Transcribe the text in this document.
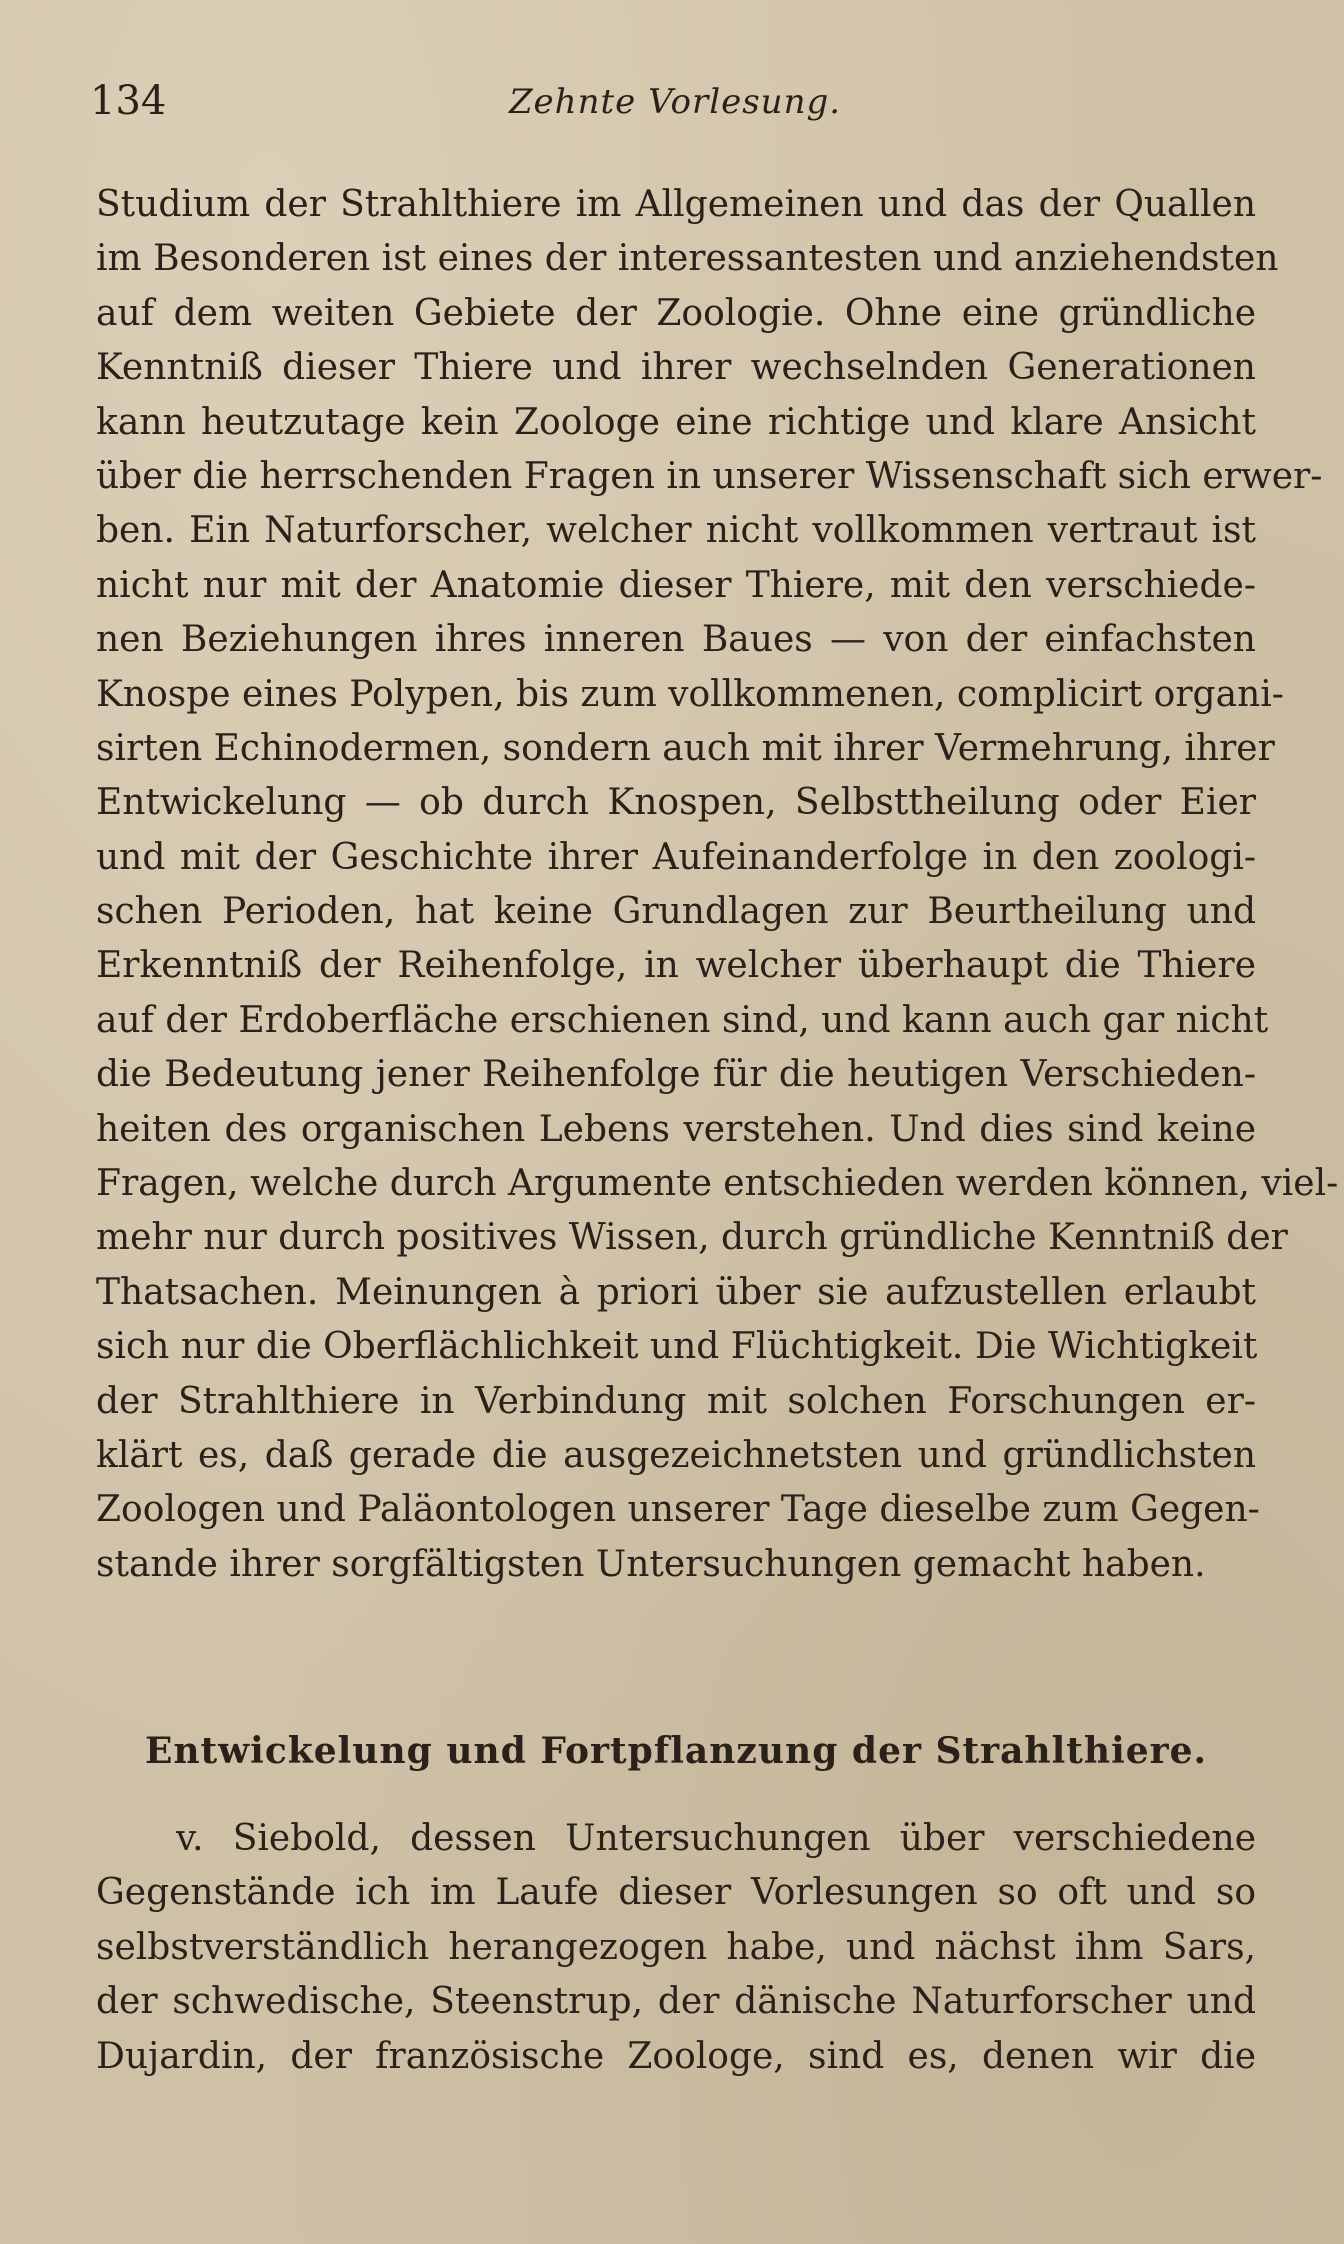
134	Zehnte Vorlesung.
Studium der Strahlthiere im Allgemeinen und das der Quallen
im Besonderen ist eines der interessantesten und anziehendsten
auf dem weiten Gebiete der Zoologie. Ohne eine gründliche
Kenntniß dieser Thiere und ihrer wechselnden Generationen
kann heutzutage kein Zoologe eine richtige und klare Ansicht
über die herrschenden Fragen in unserer Wissenschaft sich erwer-
ben. Ein Naturforscher, welcher nicht vollkommen vertraut ist
nicht nur mit der Anatomie dieser Thiere, mit den verschiede-
nen Beziehungen ihres inneren Baues — von der einfachsten
Knospe eines Polypen, bis zum vollkommenen, complicirt organi-
sirten Echinodermen, sondern auch mit ihrer Vermehrung, ihrer
Entwickelung — ob durch Knospen, Selbsttheilung oder Eier
und mit der Geschichte ihrer Aufeinanderfolge in den zoologi-
schen Perioden, hat keine Grundlagen zur Beurtheilung und
Erkenntniß der Reihenfolge, in welcher überhaupt die Thiere
auf der Erdoberfläche erschienen sind, und kann auch gar nicht
die Bedeutung jener Reihenfolge für die heutigen Verschieden-
heiten des organischen Lebens verstehen. Und dies sind keine
Fragen, welche durch Argumente entschieden werden können, viel-
mehr nur durch positives Wissen, durch gründliche Kenntniß der
Thatsachen. Meinungen à priori über sie aufzustellen erlaubt
sich nur die Oberflächlichkeit und Flüchtigkeit. Die Wichtigkeit
der Strahlthiere in Verbindung mit solchen Forschungen er-
klärt es, daß gerade die ausgezeichnetsten und gründlichsten
Zoologen und Paläontologen unserer Tage dieselbe zum Gegen-
stande ihrer sorgfältigsten Untersuchungen gemacht haben.
Entwickelung und Fortpflanzung der Strahlthiere.
v. Siebold, dessen Untersuchungen über verschiedene
Gegenstände ich im Laufe dieser Vorlesungen so oft und so
selbstverständlich herangezogen habe, und nächst ihm Sars,
der schwedische, Steenstrup, der dänische Naturforscher und
Dujardin, der französische Zoologe, sind es, denen wir die
